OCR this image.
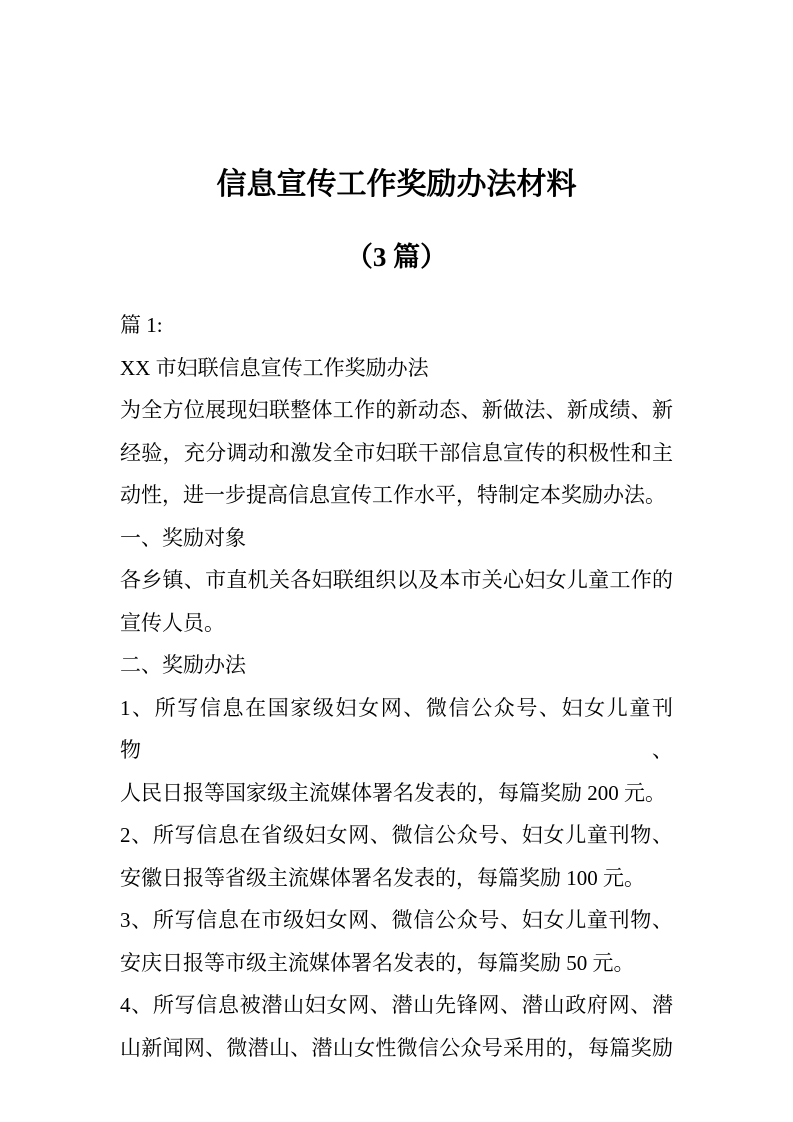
信息宣传工作奖励办法材料
（3 篇）
篇 1:
XX 市妇联信息宣传工作奖励办法
为全方位展现妇联整体工作的新动态、新做法、新成绩、新
经验，充分调动和激发全市妇联干部信息宣传的积极性和主
动性，进一步提高信息宣传工作水平，特制定本奖励办法。
一、奖励对象
各乡镇、市直机关各妇联组织以及本市关心妇女儿童工作的
宣传人员。
二、奖励办法
1、所写信息在国家级妇女网、微信公众号、妇女儿童刊物、
人民日报等国家级主流媒体署名发表的，每篇奖励 200 元。
2、所写信息在省级妇女网、微信公众号、妇女儿童刊物、
安徽日报等省级主流媒体署名发表的，每篇奖励 100 元。
3、所写信息在市级妇女网、微信公众号、妇女儿童刊物、
安庆日报等市级主流媒体署名发表的，每篇奖励 50 元。
4、所写信息被潜山妇女网、潜山先锋网、潜山政府网、潜
山新闻网、微潜山、潜山女性微信公众号采用的，每篇奖励
